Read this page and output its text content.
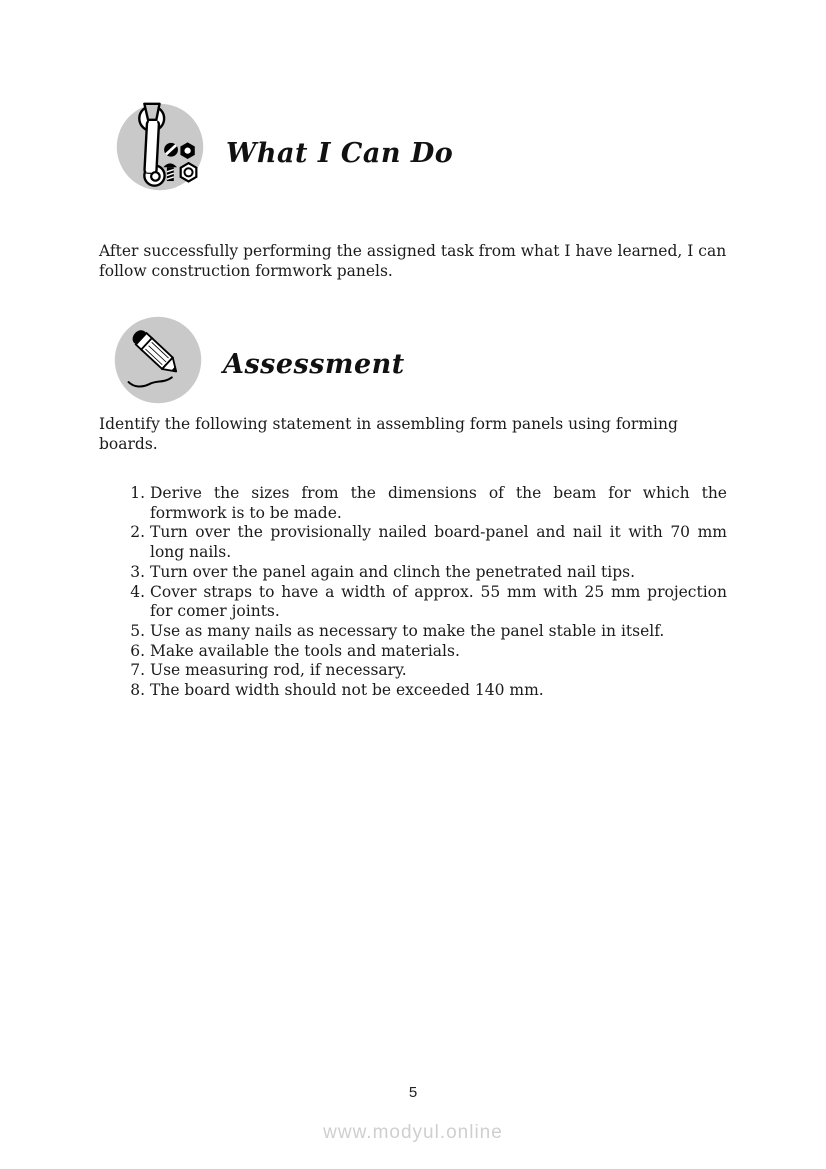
What I Can Do

After successfully performing the assigned task from what I have learned, I can follow construction formwork panels.

Assessment

Identify the following statement in assembling form panels using forming boards.

1. Derive the sizes from the dimensions of the beam for which the formwork is to be made.
2. Turn over the provisionally nailed board-panel and nail it with 70 mm long nails.
3. Turn over the panel again and clinch the penetrated nail tips.
4. Cover straps to have a width of approx. 55 mm with 25 mm projection for comer joints.
5. Use as many nails as necessary to make the panel stable in itself.
6. Make available the tools and materials.
7. Use measuring rod, if necessary.
8. The board width should not be exceeded 140 mm.
5
www.modyul.online
